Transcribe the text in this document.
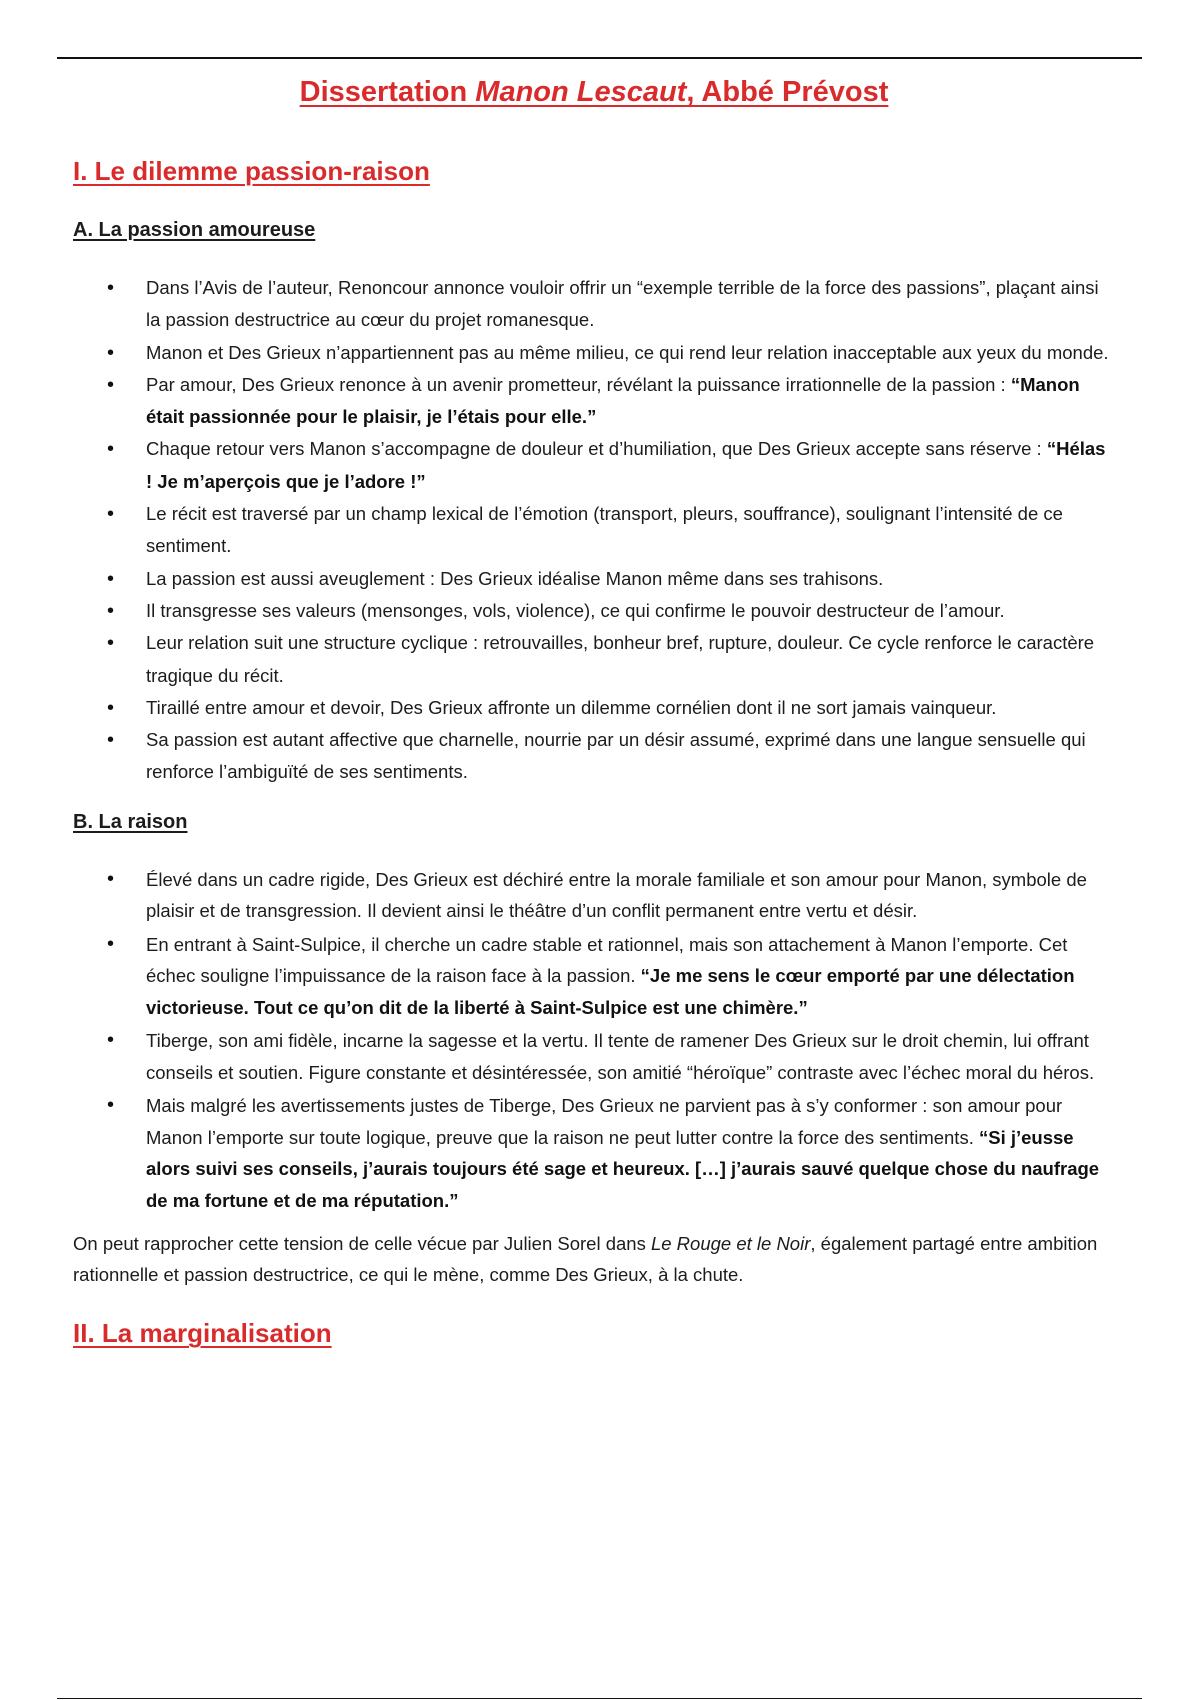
Dissertation Manon Lescaut, Abbé Prévost
I. Le dilemme passion-raison
A. La passion amoureuse
• Dans l’Avis de l’auteur, Renoncour annonce vouloir offrir un “exemple terrible de la force des passions”, plaçant ainsi la passion destructrice au cœur du projet romanesque.
• Manon et Des Grieux n’appartiennent pas au même milieu, ce qui rend leur relation inacceptable aux yeux du monde.
• Par amour, Des Grieux renonce à un avenir prometteur, révélant la puissance irrationnelle de la passion : “Manon était passionnée pour le plaisir, je l’étais pour elle.”
• Chaque retour vers Manon s’accompagne de douleur et d’humiliation, que Des Grieux accepte sans réserve : “Hélas ! Je m’aperçois que je l’adore !”
• Le récit est traversé par un champ lexical de l’émotion (transport, pleurs, souffrance), soulignant l’intensité de ce sentiment.
• La passion est aussi aveuglement : Des Grieux idéalise Manon même dans ses trahisons.
• Il transgresse ses valeurs (mensonges, vols, violence), ce qui confirme le pouvoir destructeur de l’amour.
• Leur relation suit une structure cyclique : retrouvailles, bonheur bref, rupture, douleur. Ce cycle renforce le caractère tragique du récit.
• Tiraillé entre amour et devoir, Des Grieux affronte un dilemme cornélien dont il ne sort jamais vainqueur.
• Sa passion est autant affective que charnelle, nourrie par un désir assumé, exprimé dans une langue sensuelle qui renforce l’ambiguïté de ses sentiments.
B. La raison
• Élevé dans un cadre rigide, Des Grieux est déchiré entre la morale familiale et son amour pour Manon, symbole de plaisir et de transgression. Il devient ainsi le théâtre d’un conflit permanent entre vertu et désir.
• En entrant à Saint-Sulpice, il cherche un cadre stable et rationnel, mais son attachement à Manon l’emporte. Cet échec souligne l’impuissance de la raison face à la passion. “Je me sens le cœur emporté par une délectation victorieuse. Tout ce qu’on dit de la liberté à Saint-Sulpice est une chimère.”
• Tiberge, son ami fidèle, incarne la sagesse et la vertu. Il tente de ramener Des Grieux sur le droit chemin, lui offrant conseils et soutien. Figure constante et désintéressée, son amitié “héroïque” contraste avec l’échec moral du héros.
• Mais malgré les avertissements justes de Tiberge, Des Grieux ne parvient pas à s’y conformer : son amour pour Manon l’emporte sur toute logique, preuve que la raison ne peut lutter contre la force des sentiments. “Si j’eusse alors suivi ses conseils, j’aurais toujours été sage et heureux. […] j’aurais sauvé quelque chose du naufrage de ma fortune et de ma réputation.”

On peut rapprocher cette tension de celle vécue par Julien Sorel dans Le Rouge et le Noir, également partagé entre ambition rationnelle et passion destructrice, ce qui le mène, comme Des Grieux, à la chute.

II. La marginalisation
